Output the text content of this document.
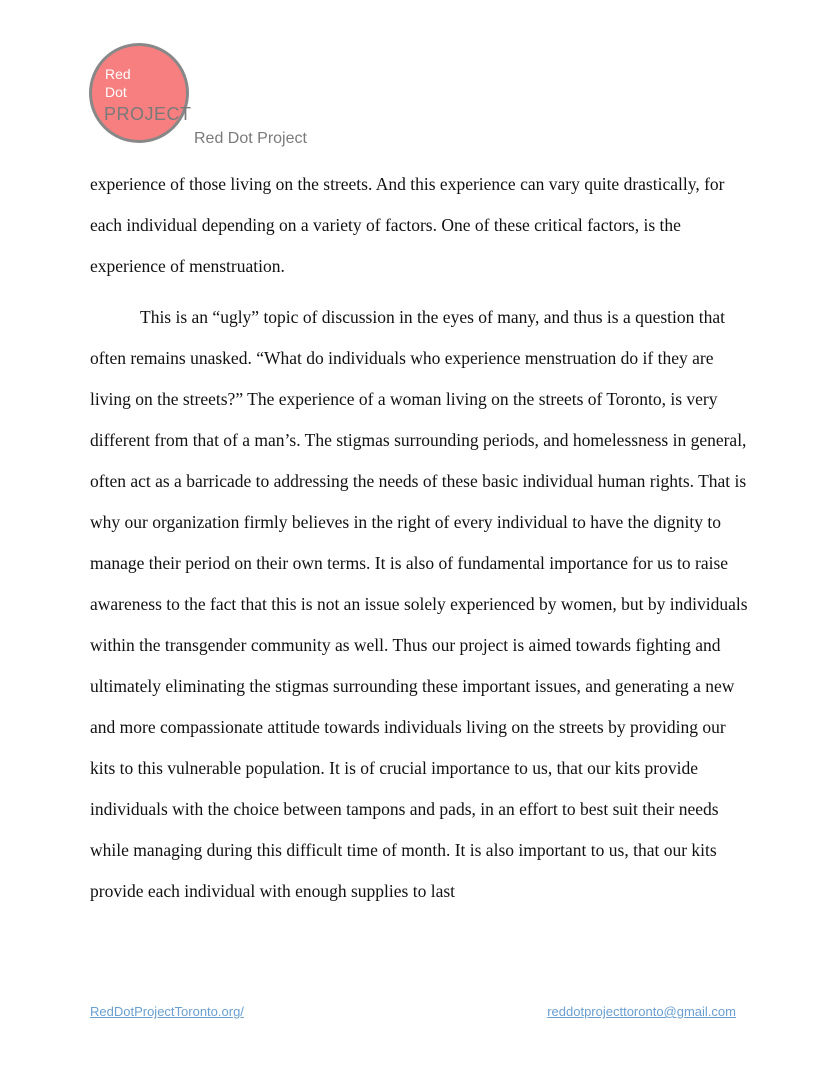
Red
Dot
PROJECT
Red Dot Project

experience of those living on the streets. And this experience can vary quite drastically, for each individual depending on a variety of factors. One of these critical factors, is the experience of menstruation.

This is an “ugly” topic of discussion in the eyes of many, and thus is a question that often remains unasked. “What do individuals who experience menstruation do if they are living on the streets?” The experience of a woman living on the streets of Toronto, is very different from that of a man’s. The stigmas surrounding periods, and homelessness in general, often act as a barricade to addressing the needs of these basic individual human rights. That is why our organization firmly believes in the right of every individual to have the dignity to manage their period on their own terms. It is also of fundamental importance for us to raise awareness to the fact that this is not an issue solely experienced by women, but by individuals within the transgender community as well. Thus our project is aimed towards fighting and ultimately eliminating the stigmas surrounding these important issues, and generating a new and more compassionate attitude towards individuals living on the streets by providing our kits to this vulnerable population. It is of crucial importance to us, that our kits provide individuals with the choice between tampons and pads, in an effort to best suit their needs while managing during this difficult time of month. It is also important to us, that our kits provide each individual with enough supplies to last

RedDotProjectToronto.org/	reddotprojecttoronto@gmail.com
